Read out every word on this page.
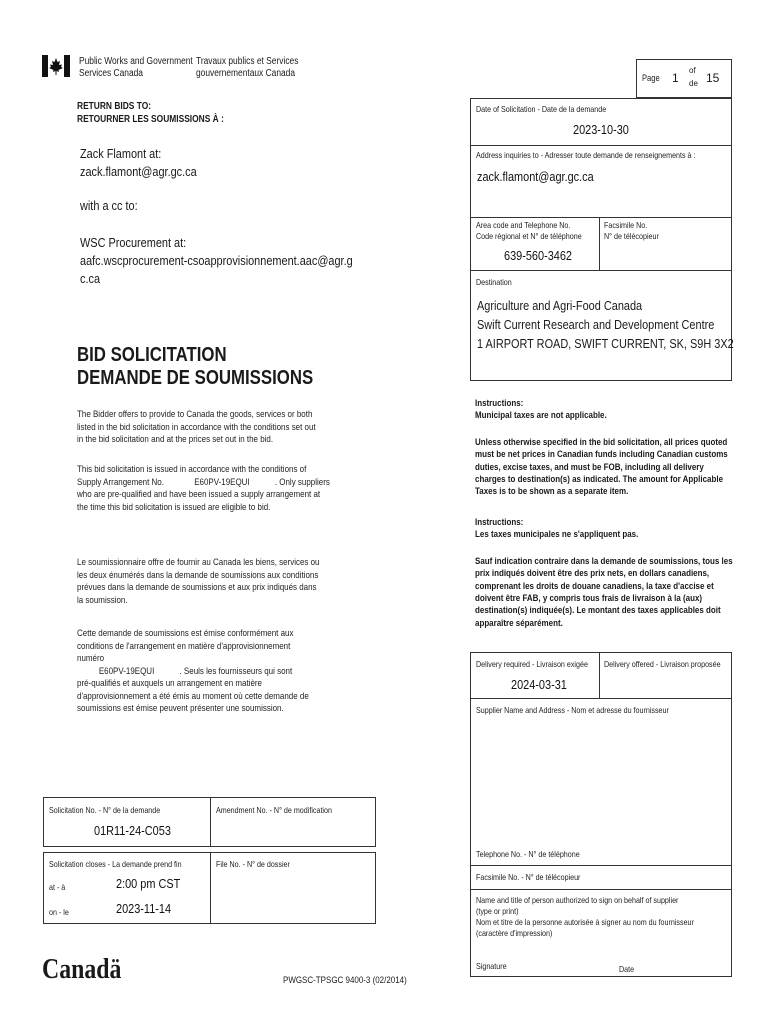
Public Works and Government
Services Canada
Travaux publics et Services
gouvernementaux Canada	Page 1
of
de 15
RETURN BIDS TO:
RETOURNER LES SOUMISSIONS À :
Zack Flamont at:
zack.flamont@agr.gc.ca
with a cc to:
WSC Procurement at:
aafc.wscprocurement-csoapprovisionnement.aac@agr.g
c.ca
BID SOLICITATION
DEMANDE DE SOUMISSIONS
The Bidder offers to provide to Canada the goods, services or both
listed in the bid solicitation in accordance with the conditions set out
in the bid solicitation and at the prices set out in the bid.
This bid solicitation is issued in accordance with the conditions of
Supply Arrangement No.	E60PV-19EQUI	. Only suppliers
who are pre-qualified and have been issued a supply arrangement at
the time this bid solicitation is issued are eligible to bid.
Le soumissionnaire offre de fournir au Canada les biens, services ou
les deux énumérés dans la demande de soumissions aux conditions
prévues dans la demande de soumissions et aux prix indiqués dans
la soumission.
Cette demande de soumissions est émise conformément aux
conditions de l'arrangement en matière d'approvisionnement
numéro
E60PV-19EQUI	. Seuls les fournisseurs qui sont
pré-qualifiés et auxquels un arrangement en matière
d'approvisionnement a été émis au moment où cette demande de
soumissions est émise peuvent présenter une soumission.
Solicitation No. - N° de la demande
01R11-24-C053
Amendment No. - N° de modification
Solicitation closes - La demande prend fin
at - à	2:00 pm CST
on - le	2023-11-14
File No. - N° de dossier
Canadä	PWGSC-TPSGC 9400-3 (02/2014)
Date of Solicitation - Date de la demande
2023-10-30
Address inquiries to - Adresser toute demande de renseignements à :
zack.flamont@agr.gc.ca
Area code and Telephone No.
Code régional et N° de téléphone
639-560-3462
Facsimile No.
N° de télécopieur
Destination
Agriculture and Agri-Food Canada
Swift Current Research and Development Centre
1 AIRPORT ROAD, SWIFT CURRENT, SK, S9H 3X2
Instructions:
Municipal taxes are not applicable.
Unless otherwise specified in the bid solicitation, all prices quoted
must be net prices in Canadian funds including Canadian customs
duties, excise taxes, and must be FOB, including all delivery
charges to destination(s) as indicated. The amount for Applicable
Taxes is to be shown as a separate item.
Instructions:
Les taxes municipales ne s'appliquent pas.
Sauf indication contraire dans la demande de soumissions, tous les
prix indiqués doivent être des prix nets, en dollars canadiens,
comprenant les droits de douane canadiens, la taxe d'accise et
doivent être FAB, y compris tous frais de livraison à la (aux)
destination(s) indiquée(s). Le montant des taxes applicables doit
apparaître séparément.
Delivery required - Livraison exigée
2024-03-31
Delivery offered - Livraison proposée
Supplier Name and Address - Nom et adresse du fournisseur
Telephone No. - N° de téléphone
Facsimile No. - N° de télécopieur
Name and title of person authorized to sign on behalf of supplier
(type or print)
Nom et titre de la personne autorisée à signer au nom du fournisseur
(caractère d'impression)
Signature	Date
